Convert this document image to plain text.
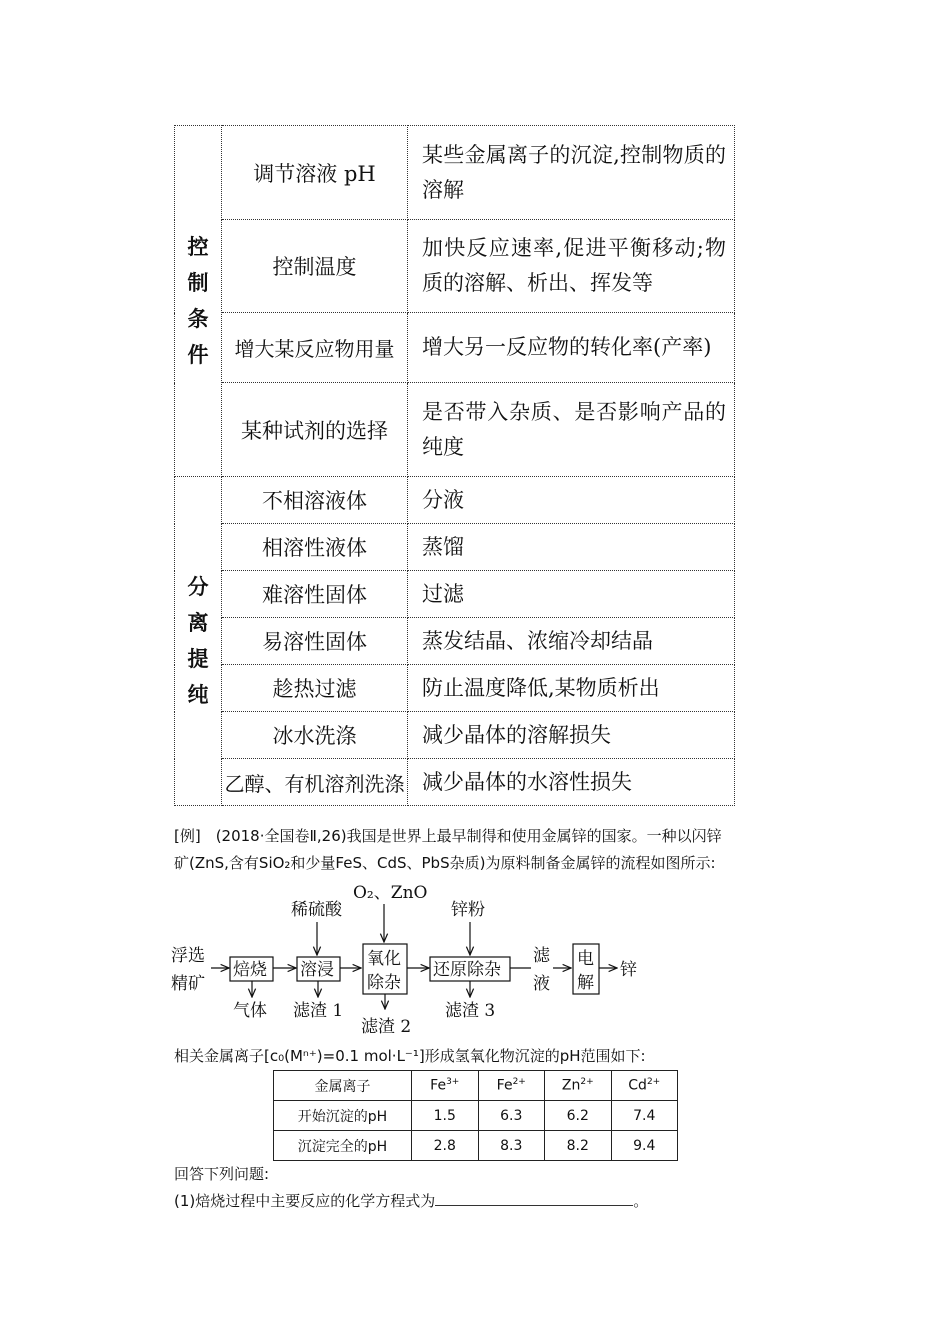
控
制
条
件	调节溶液 pH	某些金属离子的沉淀,控制物质的溶解
	控制温度	加快反应速率,促进平衡移动;物质的溶解、析出、挥发等
	增大某反应物用量	增大另一反应物的转化率(产率)
	某种试剂的选择	是否带入杂质、是否影响产品的纯度

分
离
提
纯	不相溶液体	分液
	相溶性液体	蒸馏
	难溶性固体	过滤
	易溶性固体	蒸发结晶、浓缩冷却结晶
	趁热过滤	防止温度降低,某物质析出
	冰水洗涤	减少晶体的溶解损失
	乙醇、有机溶剂洗涤	减少晶体的水溶性损失
[例]　(2018·全国卷Ⅱ,26)我国是世界上最早制得和使用金属锌的国家。一种以闪锌
矿(ZnS,含有SiO₂和少量FeS、CdS、PbS杂质)为原料制备金属锌的流程如图所示:
浮选
精矿
焙烧
气体
稀硫酸
溶浸
滤渣 1
O₂、ZnO
氧化
除杂
滤渣 2
锌粉
还原除杂
滤渣 3
滤
液
电
解
锌
相关金属离子[c₀(Mⁿ⁺)=0.1 mol·L⁻¹]形成氢氧化物沉淀的pH范围如下:
金属离子	$Fe^{3+}$	$Fe^{2+}$	$Zn^{2+}$	$Cd^{2+}$
开始沉淀的pH	1.5	6.3	6.2	7.4
沉淀完全的pH	2.8	8.3	8.2	9.4
回答下列问题:
(1)焙烧过程中主要反应的化学方程式为	。
